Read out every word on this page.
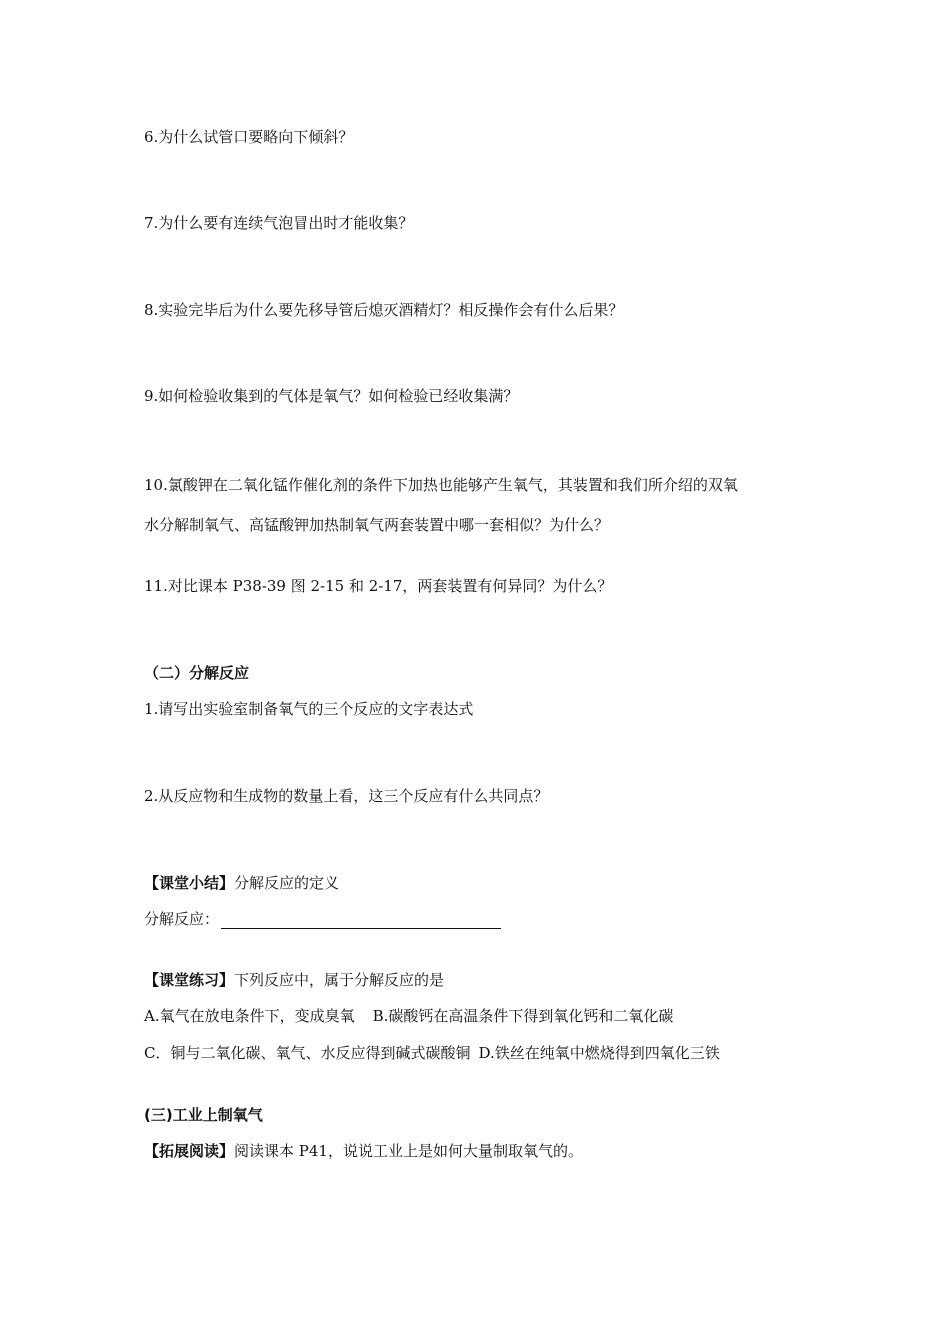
6.为什么试管口要略向下倾斜？
7.为什么要有连续气泡冒出时才能收集？
8.实验完毕后为什么要先移导管后熄灭酒精灯？相反操作会有什么后果？
9.如何检验收集到的气体是氧气？如何检验已经收集满？
10.氯酸钾在二氧化锰作催化剂的条件下加热也能够产生氧气，其装置和我们所介绍的双氧
水分解制氧气、高锰酸钾加热制氧气两套装置中哪一套相似？为什么？
11.对比课本 P38-39 图 2-15 和 2-17，两套装置有何异同？为什么？
（二）分解反应
1.请写出实验室制备氧气的三个反应的文字表达式
2.从反应物和生成物的数量上看，这三个反应有什么共同点？
【课堂小结】分解反应的定义
分解反应：
【课堂练习】下列反应中，属于分解反应的是
A.氧气在放电条件下，变成臭氧 B.碳酸钙在高温条件下得到氧化钙和二氧化碳
C．铜与二氧化碳、氧气、水反应得到碱式碳酸铜 D.铁丝在纯氧中燃烧得到四氧化三铁
(三)工业上制氧气
【拓展阅读】阅读课本 P41，说说工业上是如何大量制取氧气的。
